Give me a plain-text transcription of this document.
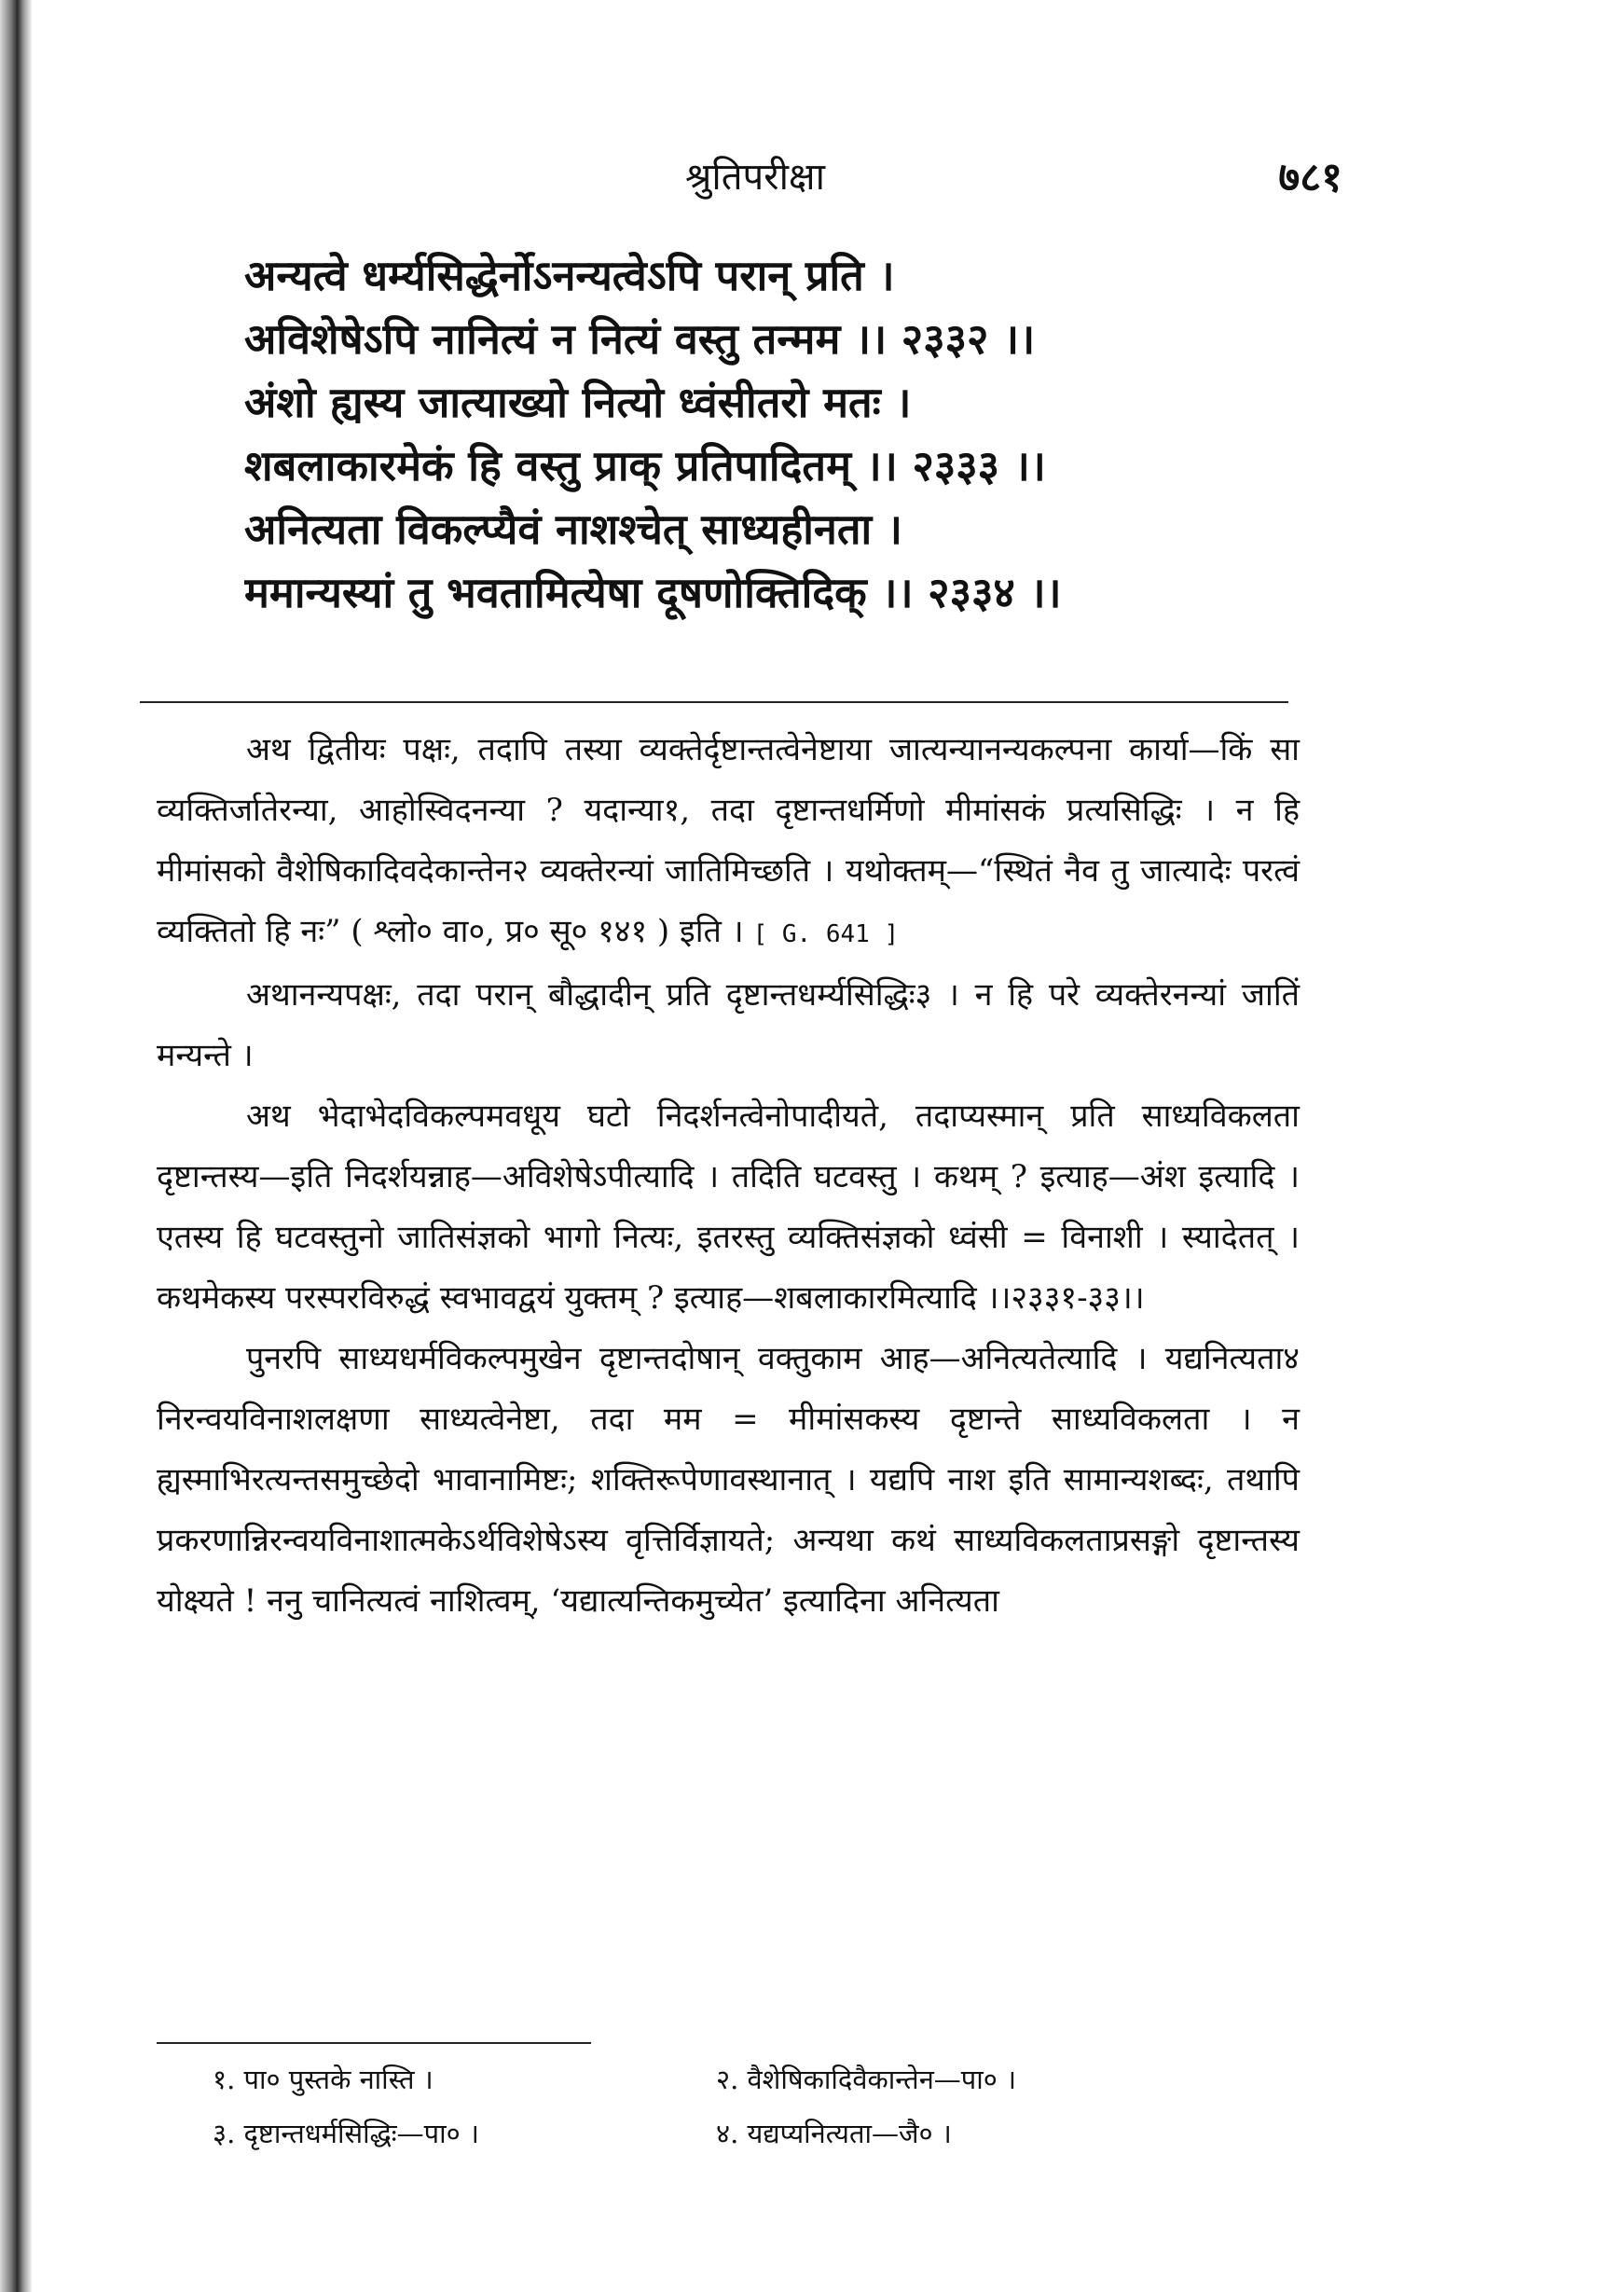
श्रुतिपरीक्षा	७८१
अन्यत्वे धर्म्यसिद्धेर्नोऽनन्यत्वेऽपि परान् प्रति ।
अविशेषेऽपि नानित्यं न नित्यं वस्तु तन्मम ।। २३३२ ।।
अंशो ह्यस्य जात्याख्यो नित्यो ध्वंसीतरो मतः ।
शबलाकारमेकं हि वस्तु प्राक् प्रतिपादितम् ।। २३३३ ।।
अनित्यता विकल्प्यैवं नाशश्चेत् साध्यहीनता ।
ममान्यस्यां तु भवतामित्येषा दूषणोक्तिदिक् ।। २३३४ ।।

अथ द्वितीयः पक्षः, तदापि तस्या व्यक्तेर्दृष्टान्तत्वेनेष्टाया जात्यन्यानन्यकल्पना कार्या—किं सा व्यक्तिर्जातेरन्या, आहोस्विदनन्या ? यदान्या१, तदा दृष्टान्तधर्मिणो मीमांसकं प्रत्यसिद्धिः । न हि मीमांसको वैशेषिकादिवदेकान्तेन२ व्यक्तेरन्यां जातिमिच्छति । यथोक्तम्—“स्थितं नैव तु जात्यादेः परत्वं व्यक्तितो हि नः” ( श्लो० वा०, प्र० सू० १४१ ) इति । [ G. 641 ]

अथानन्यपक्षः, तदा परान् बौद्धादीन् प्रति दृष्टान्तधर्म्यसिद्धिः३ । न हि परे व्यक्तेरनन्यां जातिं मन्यन्ते ।

अथ भेदाभेदविकल्पमवधूय घटो निदर्शनत्वेनोपादीयते, तदाप्यस्मान् प्रति साध्यविकलता दृष्टान्तस्य—इति निदर्शयन्नाह—अविशेषेऽपीत्यादि । तदिति घटवस्तु । कथम् ? इत्याह—अंश इत्यादि । एतस्य हि घटवस्तुनो जातिसंज्ञको भागो नित्यः, इतरस्तु व्यक्तिसंज्ञको ध्वंसी = विनाशी । स्यादेतत् । कथमेकस्य परस्परविरुद्धं स्वभावद्वयं युक्तम् ? इत्याह—शबलाकारमित्यादि ।।२३३१-३३।।

पुनरपि साध्यधर्मविकल्पमुखेन दृष्टान्तदोषान् वक्तुकाम आह—अनित्यतेत्यादि । यद्यनित्यता४ निरन्वयविनाशलक्षणा साध्यत्वेनेष्टा, तदा मम = मीमांसकस्य दृष्टान्ते साध्यविकलता । न ह्यस्माभिरत्यन्तसमुच्छेदो भावानामिष्टः; शक्तिरूपेणावस्थानात् । यद्यपि नाश इति सामान्यशब्दः, तथापि प्रकरणान्निरन्वयविनाशात्मकेऽर्थविशेषेऽस्य वृत्तिर्विज्ञायते; अन्यथा कथं साध्यविकलताप्रसङ्गो दृष्टान्तस्य योक्ष्यते ! ननु चानित्यत्वं नाशित्वम्, ‘यद्यात्यन्तिकमुच्येत’ इत्यादिना अनित्यता

१. पा० पुस्तके नास्ति ।	२. वैशेषिकादिवैकान्तेन—पा० ।
३. दृष्टान्तधर्मसिद्धिः—पा० ।	४. यद्यप्यनित्यता—जै० ।
